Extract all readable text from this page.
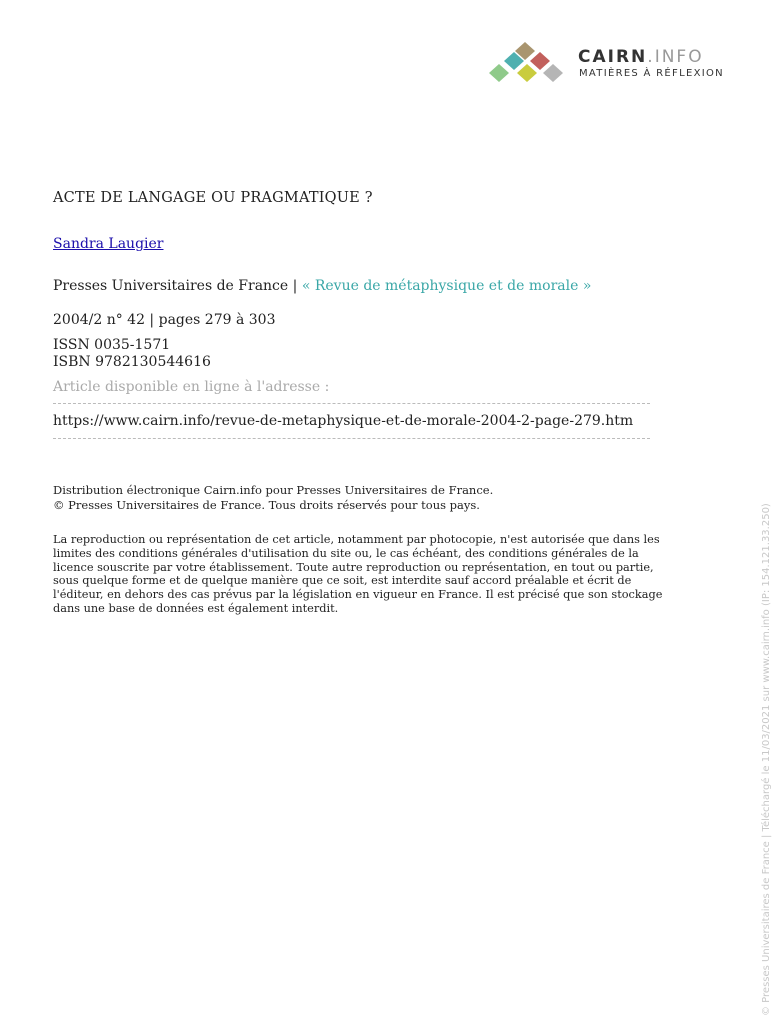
CAIRN.INFO
MATIÈRES À RÉFLEXION
ACTE DE LANGAGE OU PRAGMATIQUE ?
Sandra Laugier
Presses Universitaires de France | « Revue de métaphysique et de morale »
2004/2 n° 42 | pages 279 à 303
ISSN 0035-1571
ISBN 9782130544616
Article disponible en ligne à l'adresse :
https://www.cairn.info/revue-de-metaphysique-et-de-morale-2004-2-page-279.htm
Distribution électronique Cairn.info pour Presses Universitaires de France.
© Presses Universitaires de France. Tous droits réservés pour tous pays.

La reproduction ou représentation de cet article, notamment par photocopie, n'est autorisée que dans les

limites des conditions générales d'utilisation du site ou, le cas échéant, des conditions générales de la

licence souscrite par votre établissement. Toute autre reproduction ou représentation, en tout ou partie,

sous quelque forme et de quelque manière que ce soit, est interdite sauf accord préalable et écrit de

l'éditeur, en dehors des cas prévus par la législation en vigueur en France. Il est précisé que son stockage

dans une base de données est également interdit.	© Presses Universitaires de France | Téléchargé le 11/03/2021 sur www.cairn.info (IP: 154.121.33.250)
